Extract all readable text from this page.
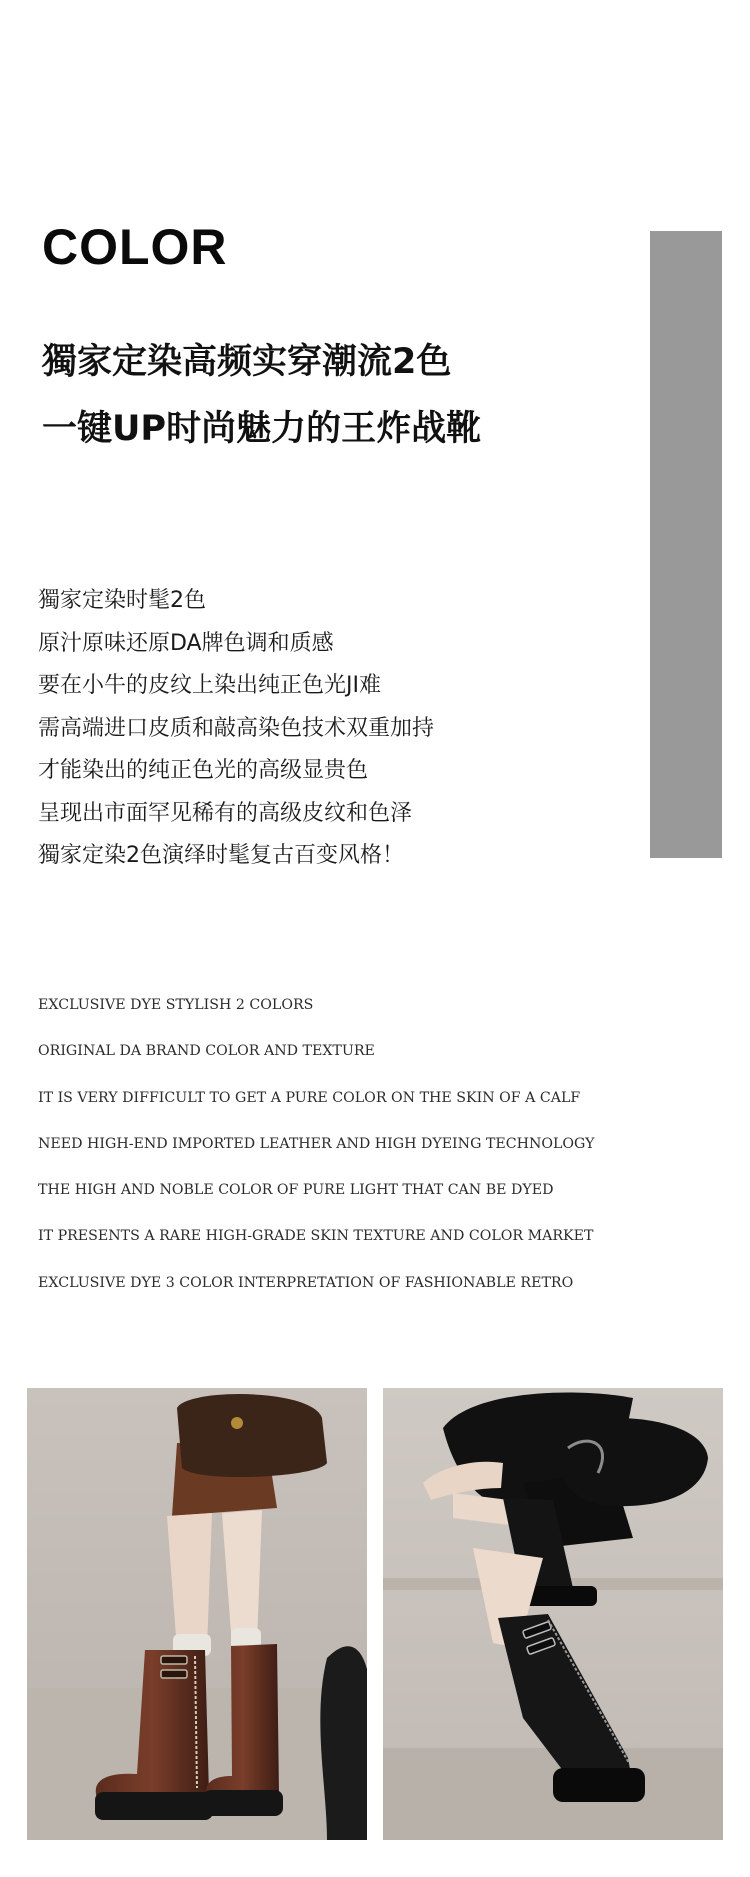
COLOR
獨家定染高频实穿潮流2色
一键UP时尚魅力的王炸战靴
獨家定染时髦2色
原汁原味还原DA牌色调和质感
要在小牛的皮纹上染出纯正色光JI难
需高端进口皮质和敲高染色技术双重加持
才能染出的纯正色光的高级显贵色
呈现出市面罕见稀有的高级皮纹和色泽
獨家定染2色演绎时髦复古百变风格！
EXCLUSIVE DYE STYLISH 2 COLORS
ORIGINAL DA BRAND COLOR AND TEXTURE
IT IS VERY DIFFICULT TO GET A PURE COLOR ON THE SKIN OF A CALF
NEED HIGH-END IMPORTED LEATHER AND HIGH DYEING TECHNOLOGY
THE HIGH AND NOBLE COLOR OF PURE LIGHT THAT CAN BE DYED
IT PRESENTS A RARE HIGH-GRADE SKIN TEXTURE AND COLOR MARKET
EXCLUSIVE DYE 3 COLOR INTERPRETATION OF FASHIONABLE RETRO
